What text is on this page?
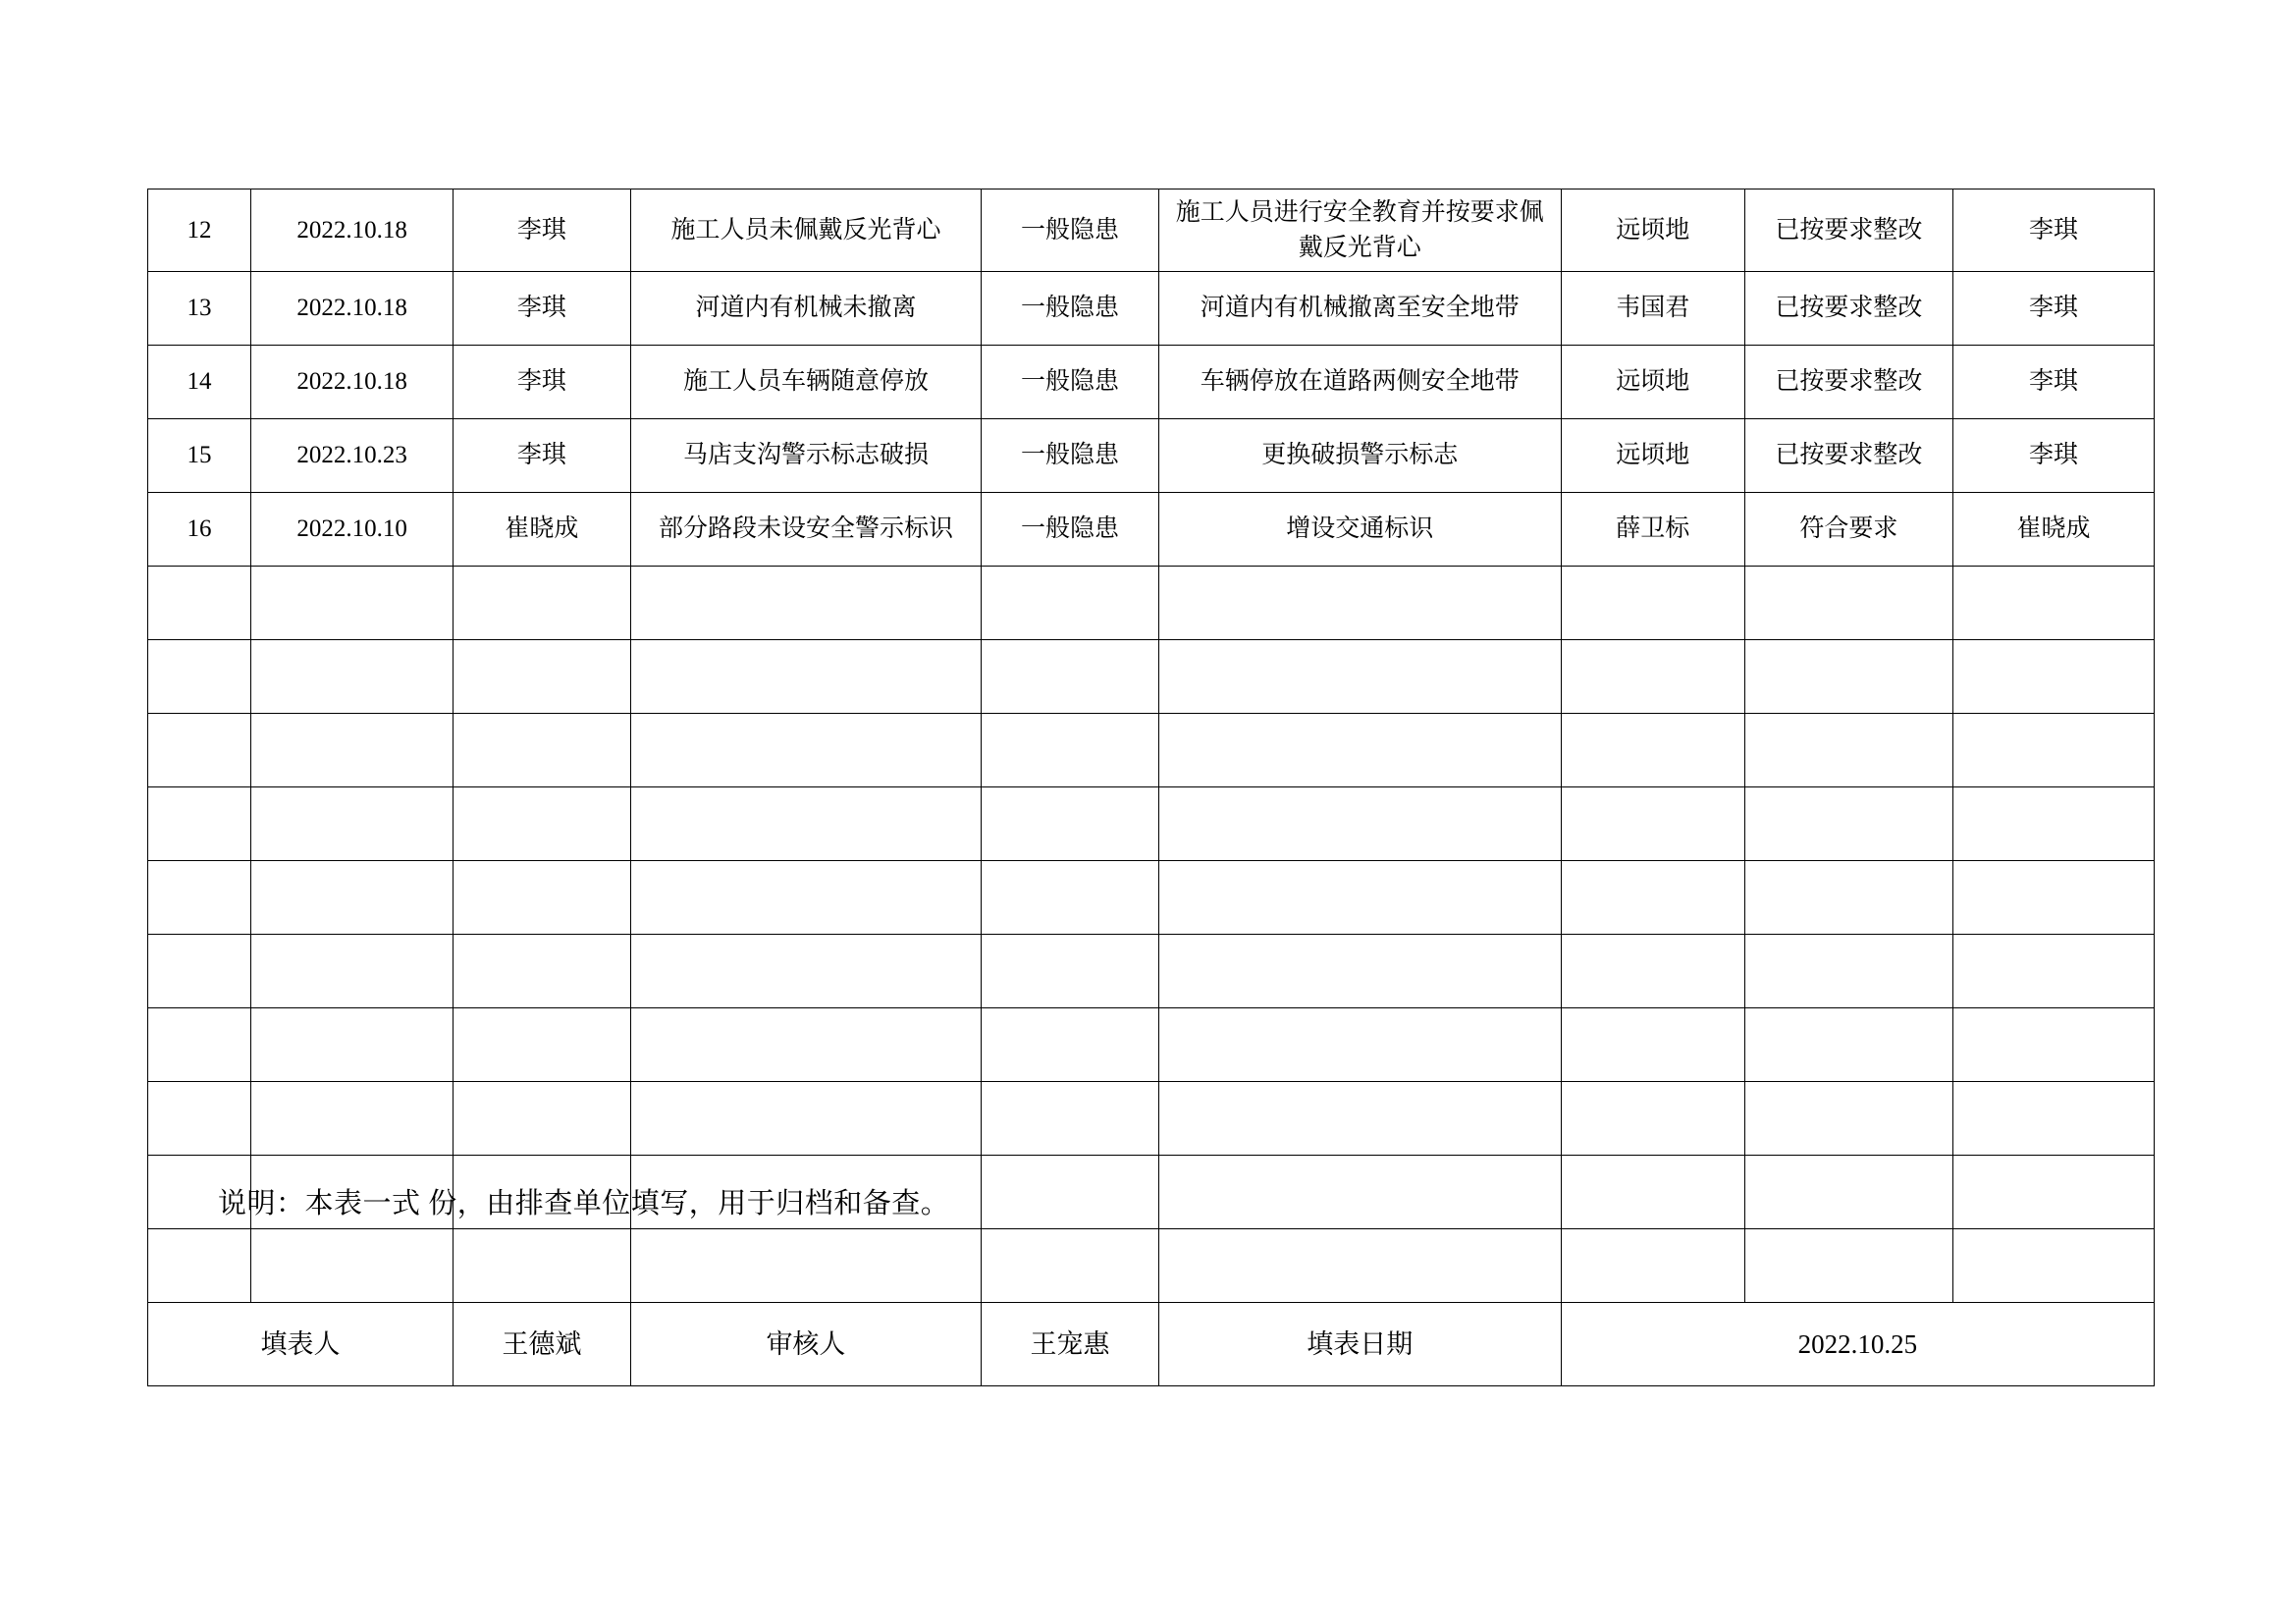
12	2022.10.18	李琪	施工人员未佩戴反光背心	一般隐患	施工人员进行安全教育并按要求佩戴反光背心	远顷地	已按要求整改	李琪
13	2022.10.18	李琪	河道内有机械未撤离	一般隐患	河道内有机械撤离至安全地带	韦国君	已按要求整改	李琪
14	2022.10.18	李琪	施工人员车辆随意停放	一般隐患	车辆停放在道路两侧安全地带	远顷地	已按要求整改	李琪
15	2022.10.23	李琪	马店支沟警示标志破损	一般隐患	更换破损警示标志	远顷地	已按要求整改	李琪
16	2022.10.10	崔晓成	部分路段未设安全警示标识	一般隐患	增设交通标识	薛卫标	符合要求	崔晓成

填表人		王德斌	审核人	王宠惠	填表日期	2022.10.25		
说明：本表一式 份，由排查单位填写，用于归档和备查。
